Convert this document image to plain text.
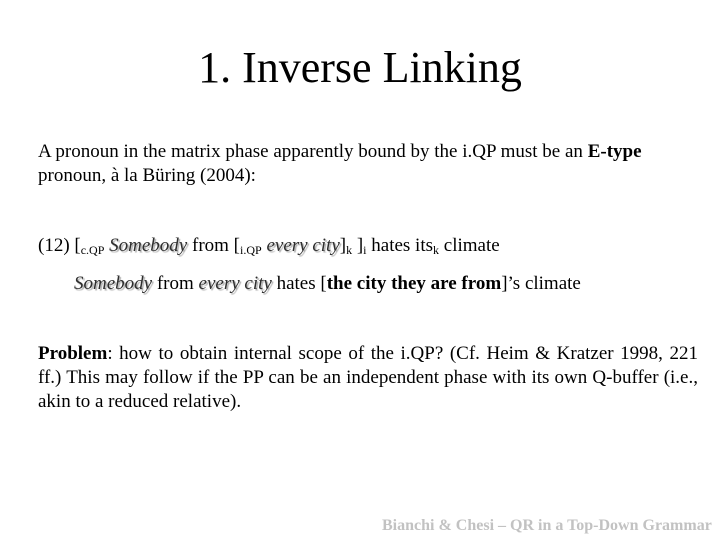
1. Inverse Linking
A pronoun in the matrix phase apparently bound by the i.QP must be an E-type pronoun, à la Büring (2004):
(12) [$_{c.QP}$ Somebody from [$_{i.QP}$ every $city]_k$ ]$_i$ hates its$_k$ climate
Somebody from every city hates [the city they are from]’s climate
Problem: how to obtain internal scope of the i.QP? (Cf. Heim & Kratzer 1998, 221 ff.) This may follow if the PP can be an independent phase with its own Q-buffer (i.e., akin to a reduced relative).
Bianchi & Chesi – QR in a Top-Down Grammar
